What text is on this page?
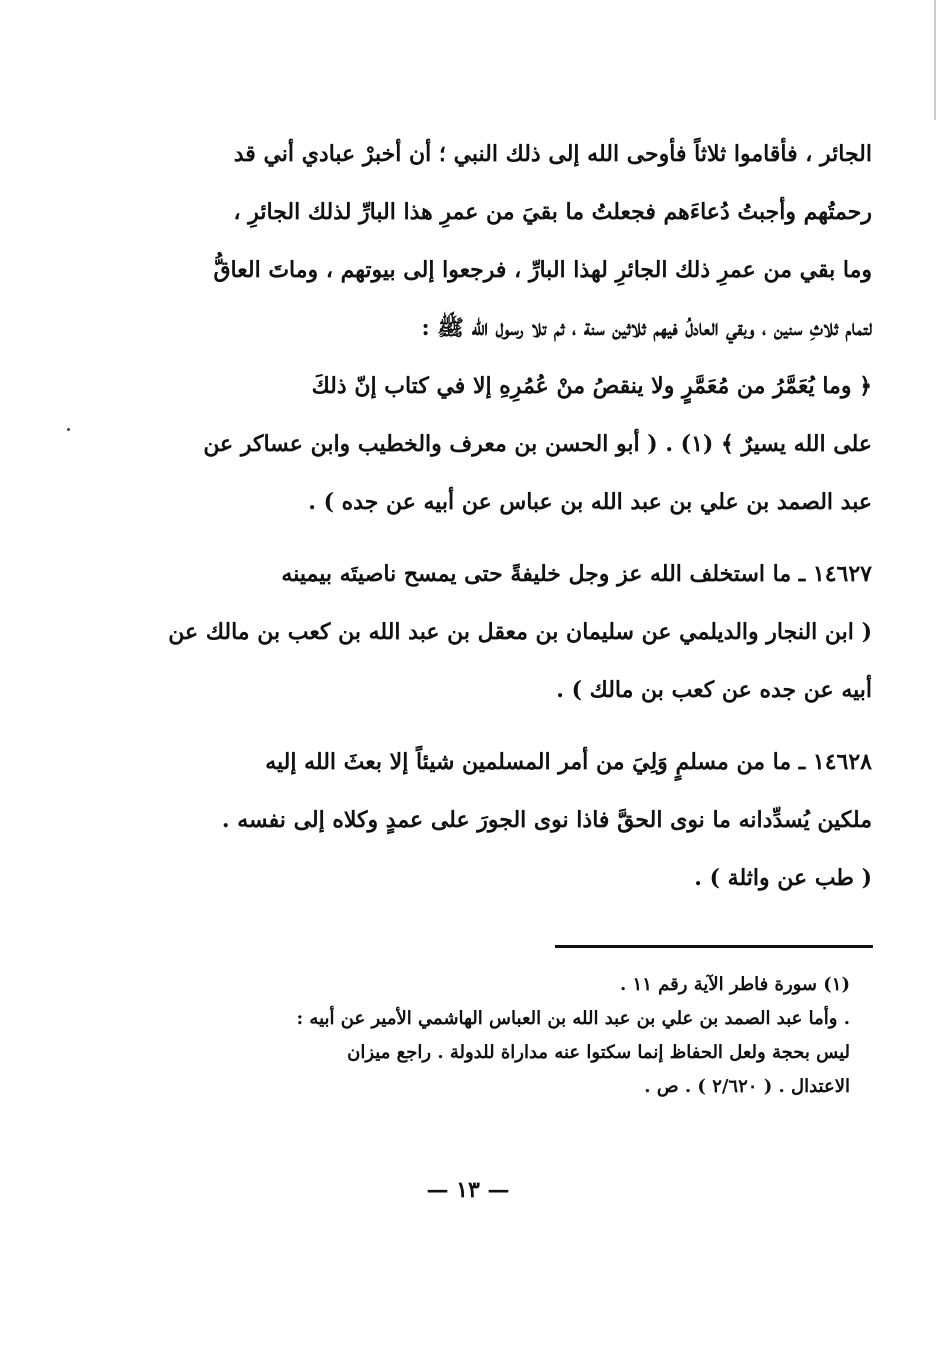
الجائر ، فأقاموا ثلاثاً فأوحى الله إلى ذلك النبي ؛ أن أخبرْ عبادي أني قد
رحمتُهم وأجبتُ دُعاءَهم فجعلتُ ما بقيَ من عمرِ هذا البارِّ لذلك الجائرِ ،
وما بقي من عمرِ ذلك الجائرِ لهذا البارِّ ، فرجعوا إلى بيوتهم ، وماتَ العاقُّ
لتمام ثلاثِ سنين ، وبقي العادلُ فيهم ثلاثين سنة ، ثم تلا رسول الله ﷺ :
﴿ وما يُعَمَّرُ من مُعَمَّرٍ ولا ينقصُ منْ عُمُرِهِ إلا في كتاب إنّ ذلكَ
على الله يسيرٌ ﴾ (١) . ( أبو الحسن بن معرف والخطيب وابن عساكر عن
عبد الصمد بن علي بن عبد الله بن عباس عن أبيه عن جده ) .
١٤٦٢٧ ـ ما استخلف الله عز وجل خليفةً حتى يمسح ناصيتَه بيمينه
( ابن النجار والديلمي عن سليمان بن معقل بن عبد الله بن كعب بن مالك عن
أبيه عن جده عن كعب بن مالك ) .
١٤٦٢٨ ـ ما من مسلمٍ وَلِيَ من أمر المسلمين شيئاً إلا بعثَ الله إليه
ملكين يُسدِّدانه ما نوى الحقَّ فاذا نوى الجورَ على عمدٍ وكلاه إلى نفسه .
( طب عن واثلة ) .
(١) سورة فاطر الآية رقم ١١ .
. وأما عبد الصمد بن علي بن عبد الله بن العباس الهاشمي الأمير عن أبيه :
ليس بحجة ولعل الحفاظ إنما سكتوا عنه مداراة للدولة . راجع ميزان
الاعتدال . ( ٢/٦٢٠ ) . ص .
— ١٣ —
